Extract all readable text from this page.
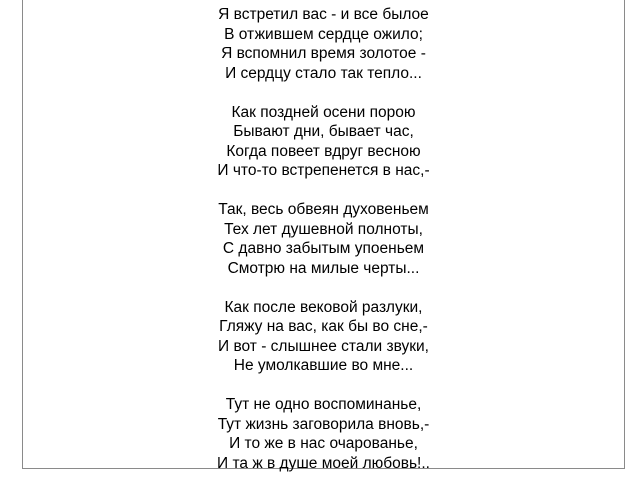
Я встретил вас - и все былое
В отжившем сердце ожило;
Я вспомнил время золотое -
И сердцу стало так тепло...
Как поздней осени порою
Бывают дни, бывает час,
Когда повеет вдруг весною
И что-то встрепенется в нас,-
Так, весь обвеян духовеньем
Тех лет душевной полноты,
С давно забытым упоеньем
Смотрю на милые черты...
Как после вековой разлуки,
Гляжу на вас, как бы во сне,-
И вот - слышнее стали звуки,
Не умолкавшие во мне...
Тут не одно воспоминанье,
Тут жизнь заговорила вновь,-
И то же в нас очарованье,
И та ж в душе моей любовь!..
